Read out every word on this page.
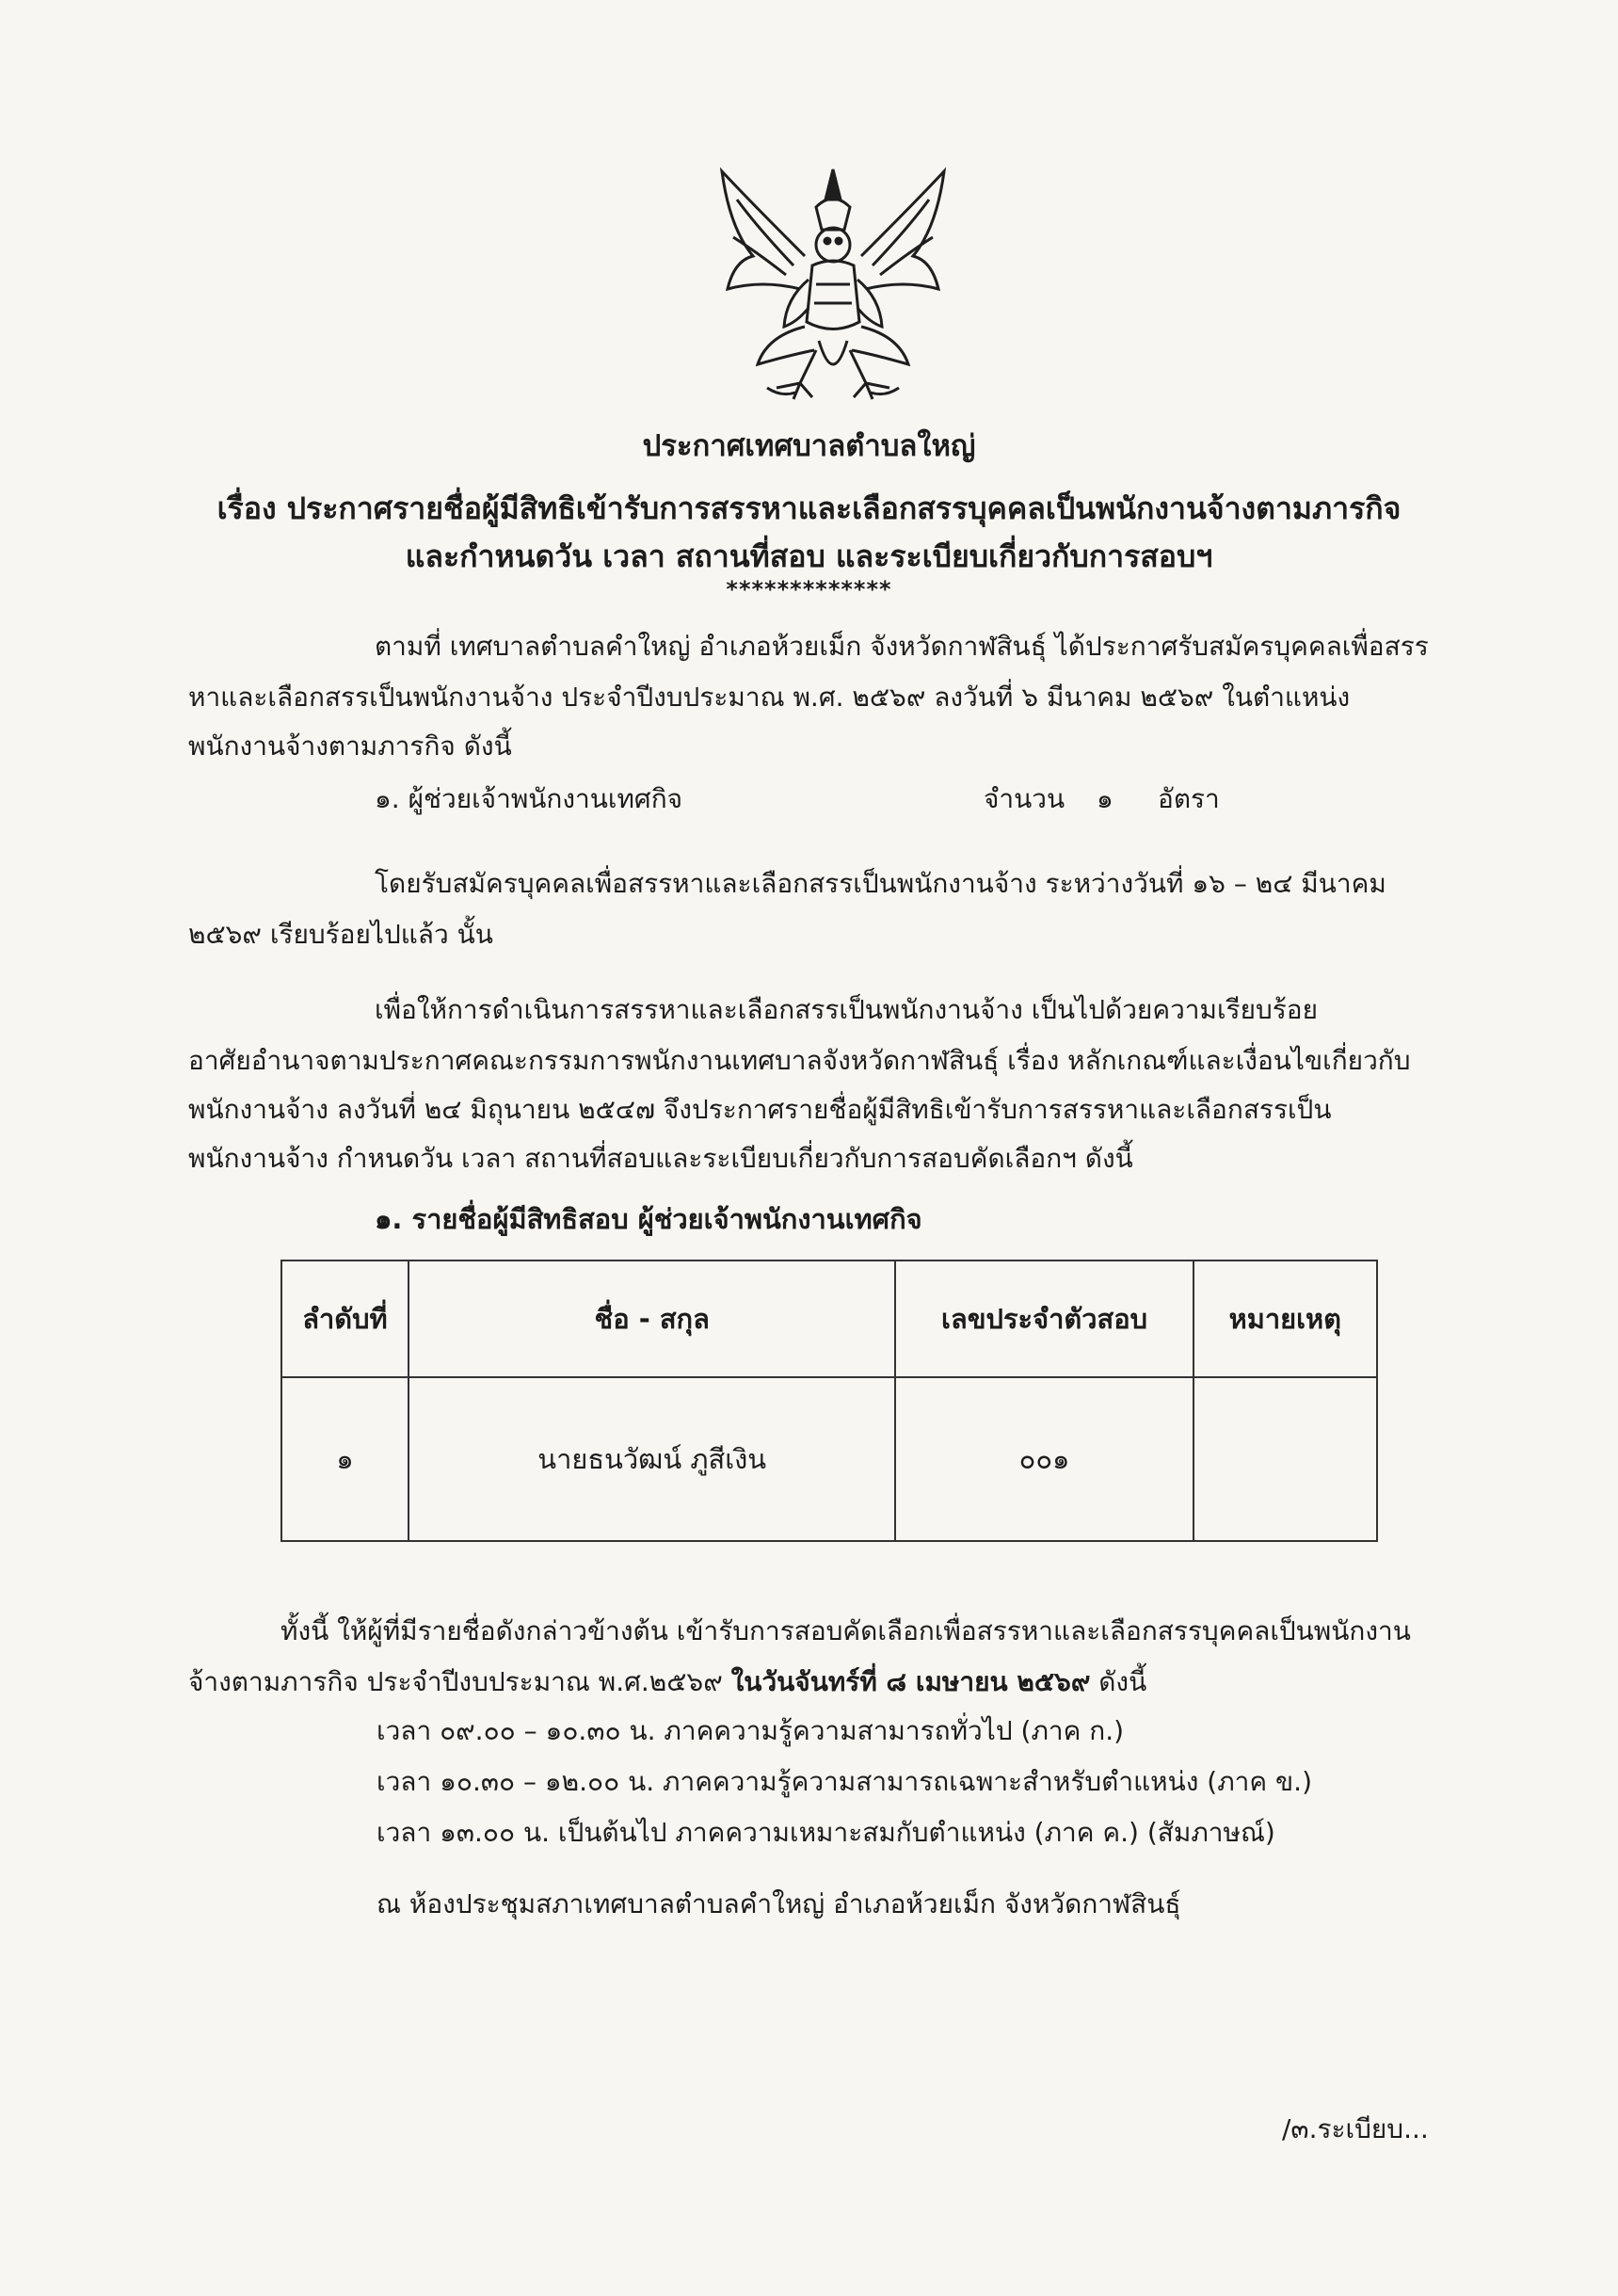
ประกาศเทศบาลตำบลใหญ่
เรื่อง ประกาศรายชื่อผู้มีสิทธิเข้ารับการสรรหาและเลือกสรรบุคคลเป็นพนักงานจ้างตามภารกิจ
และกำหนดวัน เวลา สถานที่สอบ และระเบียบเกี่ยวกับการสอบฯ
*************
ตามที่ เทศบาลตำบลคำใหญ่ อำเภอห้วยเม็ก จังหวัดกาฬสินธุ์ ได้ประกาศรับสมัครบุคคลเพื่อสรร
หาและเลือกสรรเป็นพนักงานจ้าง ประจำปีงบประมาณ พ.ศ. ๒๕๖๙ ลงวันที่ ๖ มีนาคม ๒๕๖๙ ในตำแหน่ง
พนักงานจ้างตามภารกิจ ดังนี้
๑. ผู้ช่วยเจ้าพนักงานเทศกิจ	จำนวน ๑ อัตรา
โดยรับสมัครบุคคลเพื่อสรรหาและเลือกสรรเป็นพนักงานจ้าง ระหว่างวันที่ ๑๖ – ๒๔ มีนาคม
๒๕๖๙ เรียบร้อยไปแล้ว นั้น
เพื่อให้การดำเนินการสรรหาและเลือกสรรเป็นพนักงานจ้าง เป็นไปด้วยความเรียบร้อย
อาศัยอำนาจตามประกาศคณะกรรมการพนักงานเทศบาลจังหวัดกาฬสินธุ์ เรื่อง หลักเกณฑ์และเงื่อนไขเกี่ยวกับ
พนักงานจ้าง ลงวันที่ ๒๔ มิถุนายน ๒๕๔๗ จึงประกาศรายชื่อผู้มีสิทธิเข้ารับการสรรหาและเลือกสรรเป็น
พนักงานจ้าง กำหนดวัน เวลา สถานที่สอบและระเบียบเกี่ยวกับการสอบคัดเลือกฯ ดังนี้
๑. รายชื่อผู้มีสิทธิสอบ ผู้ช่วยเจ้าพนักงานเทศกิจ
ลำดับที่	ชื่อ - สกุล	เลขประจำตัวสอบ	หมายเหตุ
๑	นายธนวัฒน์ ภูสีเงิน	๐๐๑	
ทั้งนี้ ให้ผู้ที่มีรายชื่อดังกล่าวข้างต้น เข้ารับการสอบคัดเลือกเพื่อสรรหาและเลือกสรรบุคคลเป็นพนักงาน
จ้างตามภารกิจ ประจำปีงบประมาณ พ.ศ.๒๕๖๙ ในวันจันทร์ที่ ๘ เมษายน ๒๕๖๙ ดังนี้
เวลา ๐๙.๐๐ – ๑๐.๓๐ น. ภาคความรู้ความสามารถทั่วไป (ภาค ก.)
เวลา ๑๐.๓๐ – ๑๒.๐๐ น. ภาคความรู้ความสามารถเฉพาะสำหรับตำแหน่ง (ภาค ข.)
เวลา ๑๓.๐๐ น. เป็นต้นไป ภาคความเหมาะสมกับตำแหน่ง (ภาค ค.) (สัมภาษณ์)
ณ ห้องประชุมสภาเทศบาลตำบลคำใหญ่ อำเภอห้วยเม็ก จังหวัดกาฬสินธุ์
/๓.ระเบียบ...
